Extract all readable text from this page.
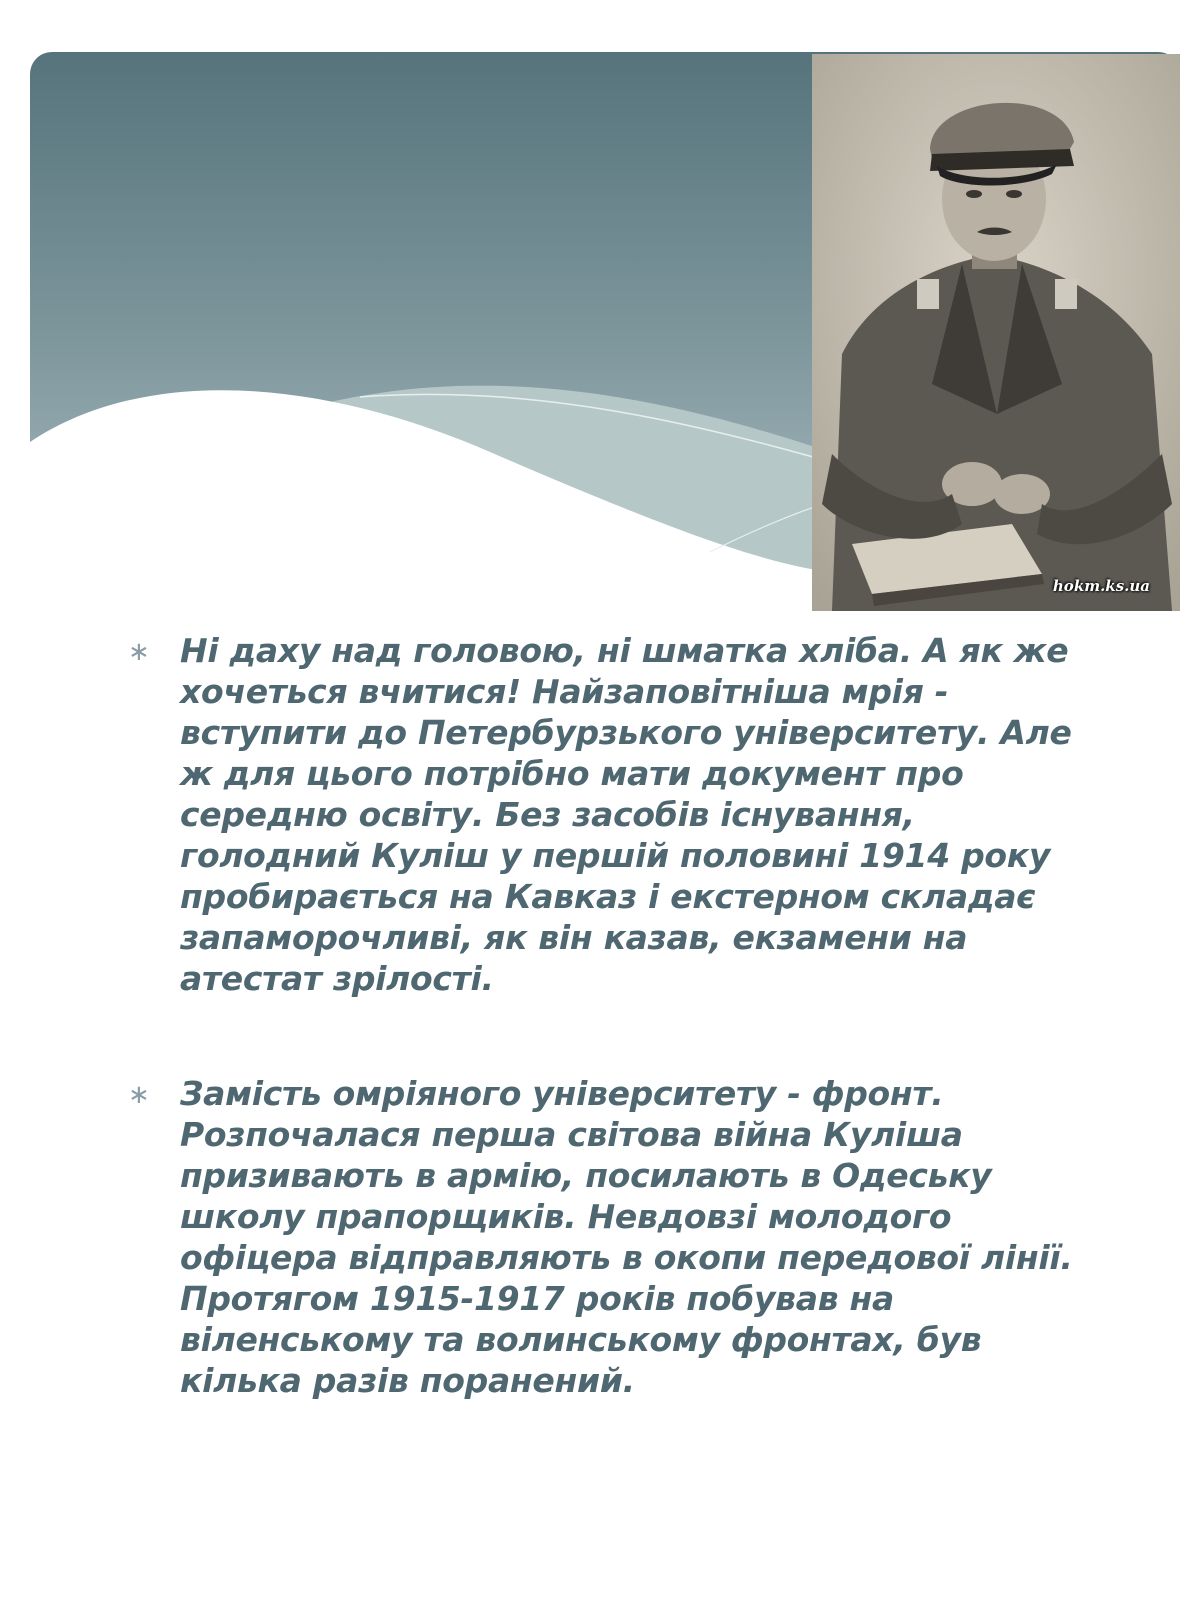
hokm.ks.ua
∗ Ні даху над головою, ні шматка хліба. А як же хочеться вчитися! Найзаповітніша мрія - вступити до Петербурзького університету. Але ж для цього потрібно мати документ про середню освіту. Без засобів існування, голодний Куліш у першій половині 1914 року пробирається на Кавказ і екстерном складає запаморочливі, як він казав, екзамени на атестат зрілості.

∗ Замість омріяного університету - фронт. Розпочалася перша світова війна Куліша призивають в армію, посилають в Одеську школу прапорщиків. Невдовзі молодого офіцера відправляють в окопи передової лінії. Протягом 1915-1917 років побував на віленському та волинському фронтах, був кілька разів поранений.
